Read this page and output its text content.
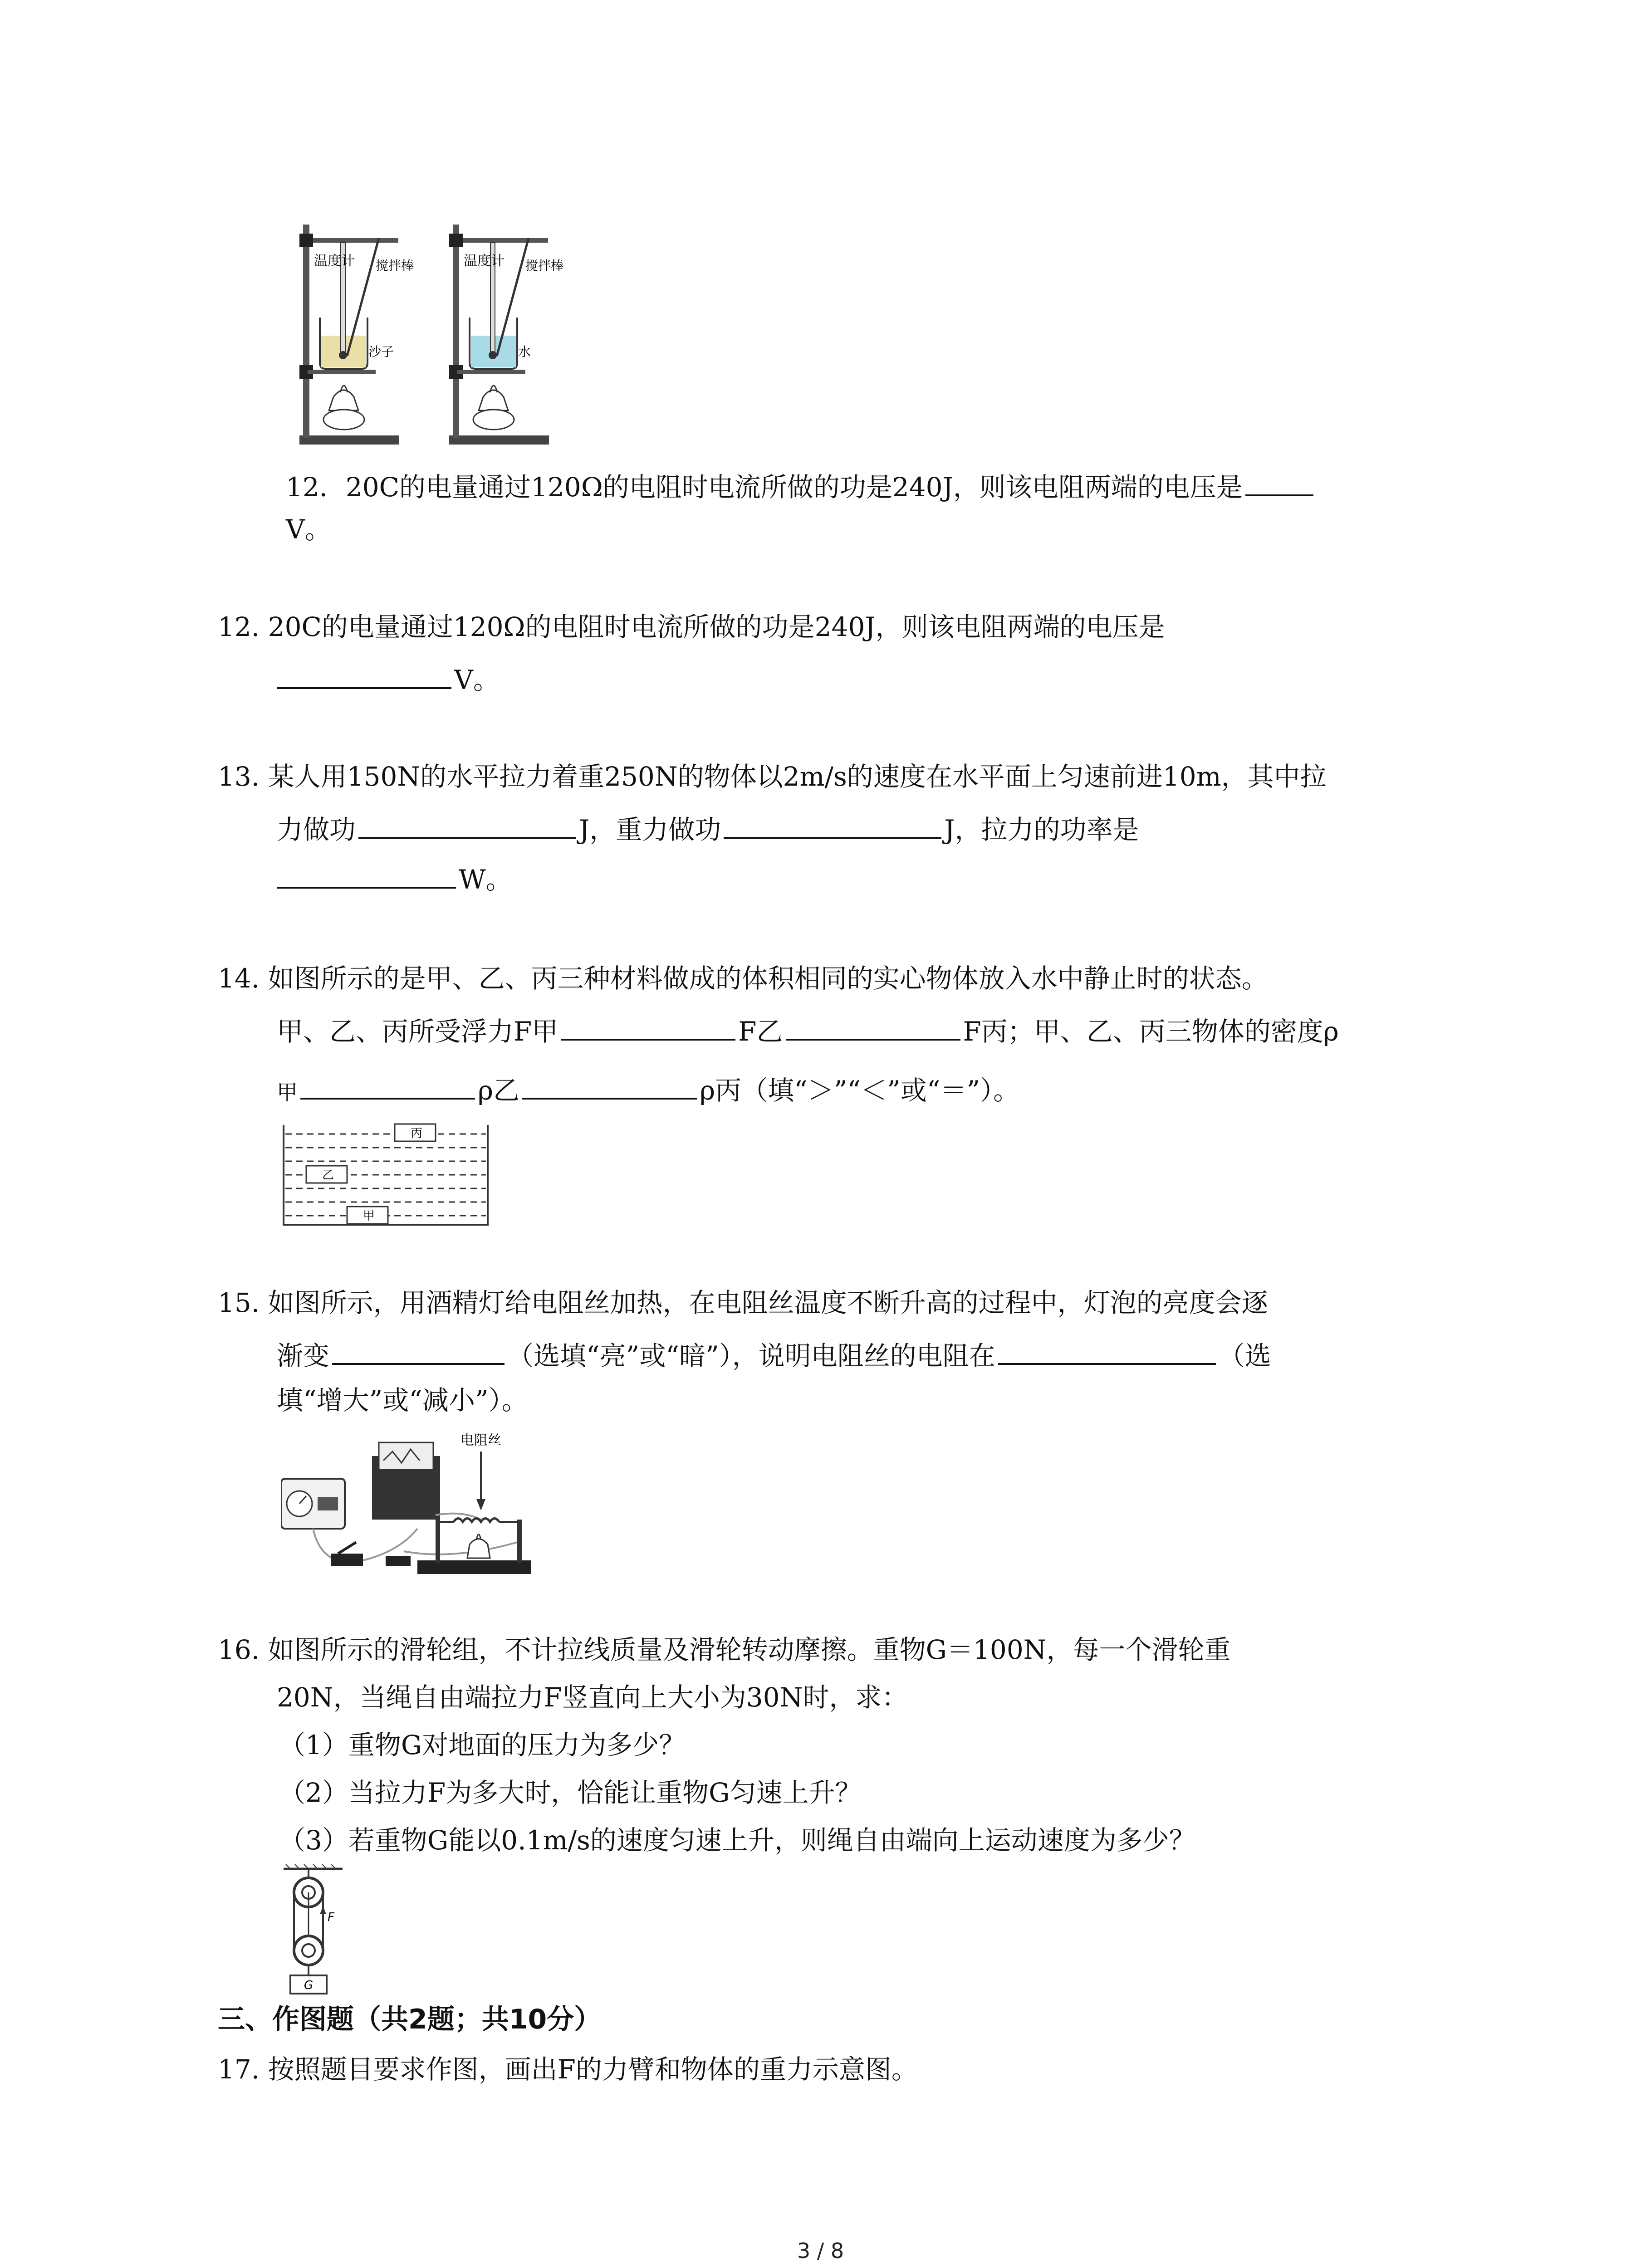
温度计 搅拌棒
沙子
温度计 搅拌棒
水
12．20C的电量通过120Ω的电阻时电流所做的功是240J，则该电阻两端的电压是
V。
12. 20C的电量通过120Ω的电阻时电流所做的功是240J，则该电阻两端的电压是
V。
13. 某人用150N的水平拉力着重250N的物体以2m/s的速度在水平面上匀速前进10m，其中拉
力做功	J，重力做功	J，拉力的功率是
W。
14. 如图所示的是甲、乙、丙三种材料做成的体积相同的实心物体放入水中静止时的状态。
甲、乙、丙所受浮力F甲	F乙	F丙；甲、乙、丙三物体的密度ρ
甲	ρ乙	ρ丙（填“＞”“＜”或“＝”）。
丙
乙
甲
15. 如图所示，用酒精灯给电阻丝加热，在电阻丝温度不断升高的过程中，灯泡的亮度会逐
渐变	（选填“亮”或“暗”），说明电阻丝的电阻在	（选
填“增大”或“减小”）。
电阻丝
16. 如图所示的滑轮组，不计拉线质量及滑轮转动摩擦。重物G＝100N，每一个滑轮重
20N，当绳自由端拉力F竖直向上大小为30N时，求：
（1）重物G对地面的压力为多少？
（2）当拉力F为多大时，恰能让重物G匀速上升？
（3）若重物G能以0.1m/s的速度匀速上升，则绳自由端向上运动速度为多少？
G
F
三、作图题（共2题；共10分）
17. 按照题目要求作图，画出F的力臂和物体的重力示意图。
3 / 8
